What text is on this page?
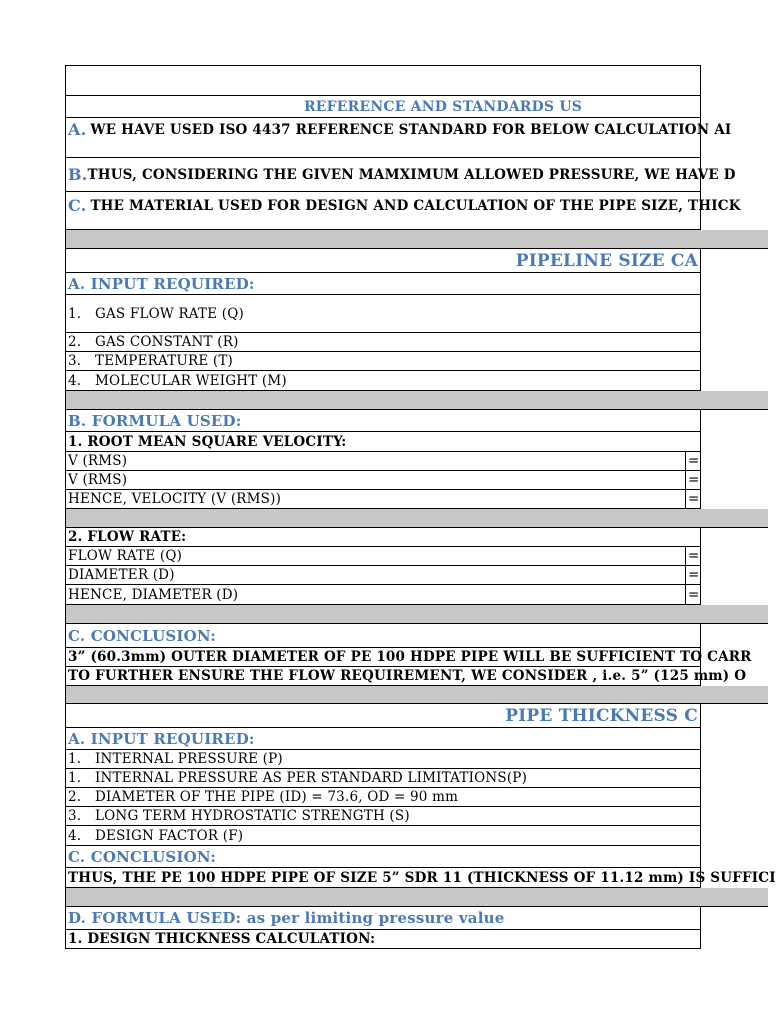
REFERENCE AND STANDARDS US
A. WE HAVE USED ISO 4437 REFERENCE STANDARD FOR BELOW CALCULATION AI
B. THUS, CONSIDERING THE GIVEN MAMXIMUM ALLOWED PRESSURE, WE HAVE D
C. THE MATERIAL USED FOR DESIGN AND CALCULATION OF THE PIPE SIZE, THICK
PIPELINE SIZE CA
A. INPUT REQUIRED:
1.	GAS FLOW RATE (Q)
2.	GAS CONSTANT (R)
3.	TEMPERATURE (T)
4.	MOLECULAR WEIGHT (M)
B. FORMULA USED:
1. ROOT MEAN SQUARE VELOCITY:
V (RMS)	=
V (RMS)	=
HENCE, VELOCITY (V (RMS))	=
2. FLOW RATE:
FLOW RATE (Q)	=
DIAMETER (D)	=
HENCE, DIAMETER (D)	=
C. CONCLUSION:
3” (60.3mm) OUTER DIAMETER OF PE 100 HDPE PIPE WILL BE SUFFICIENT TO CARR
TO FURTHER ENSURE THE FLOW REQUIREMENT, WE CONSIDER , i.e. 5” (125 mm) O
PIPE THICKNESS C
A. INPUT REQUIRED:
1.	INTERNAL PRESSURE (P)
1.	INTERNAL PRESSURE AS PER STANDARD LIMITATIONS(P)
2.	DIAMETER OF THE PIPE (ID) = 73.6, OD = 90 mm
3.	LONG TERM HYDROSTATIC STRENGTH (S)
4.	DESIGN FACTOR (F)
C. CONCLUSION:
THUS, THE PE 100 HDPE PIPE OF SIZE 5” SDR 11 (THICKNESS OF 11.12 mm) IS SUFFICI
D. FORMULA USED: as per limiting pressure value
1. DESIGN THICKNESS CALCULATION:
